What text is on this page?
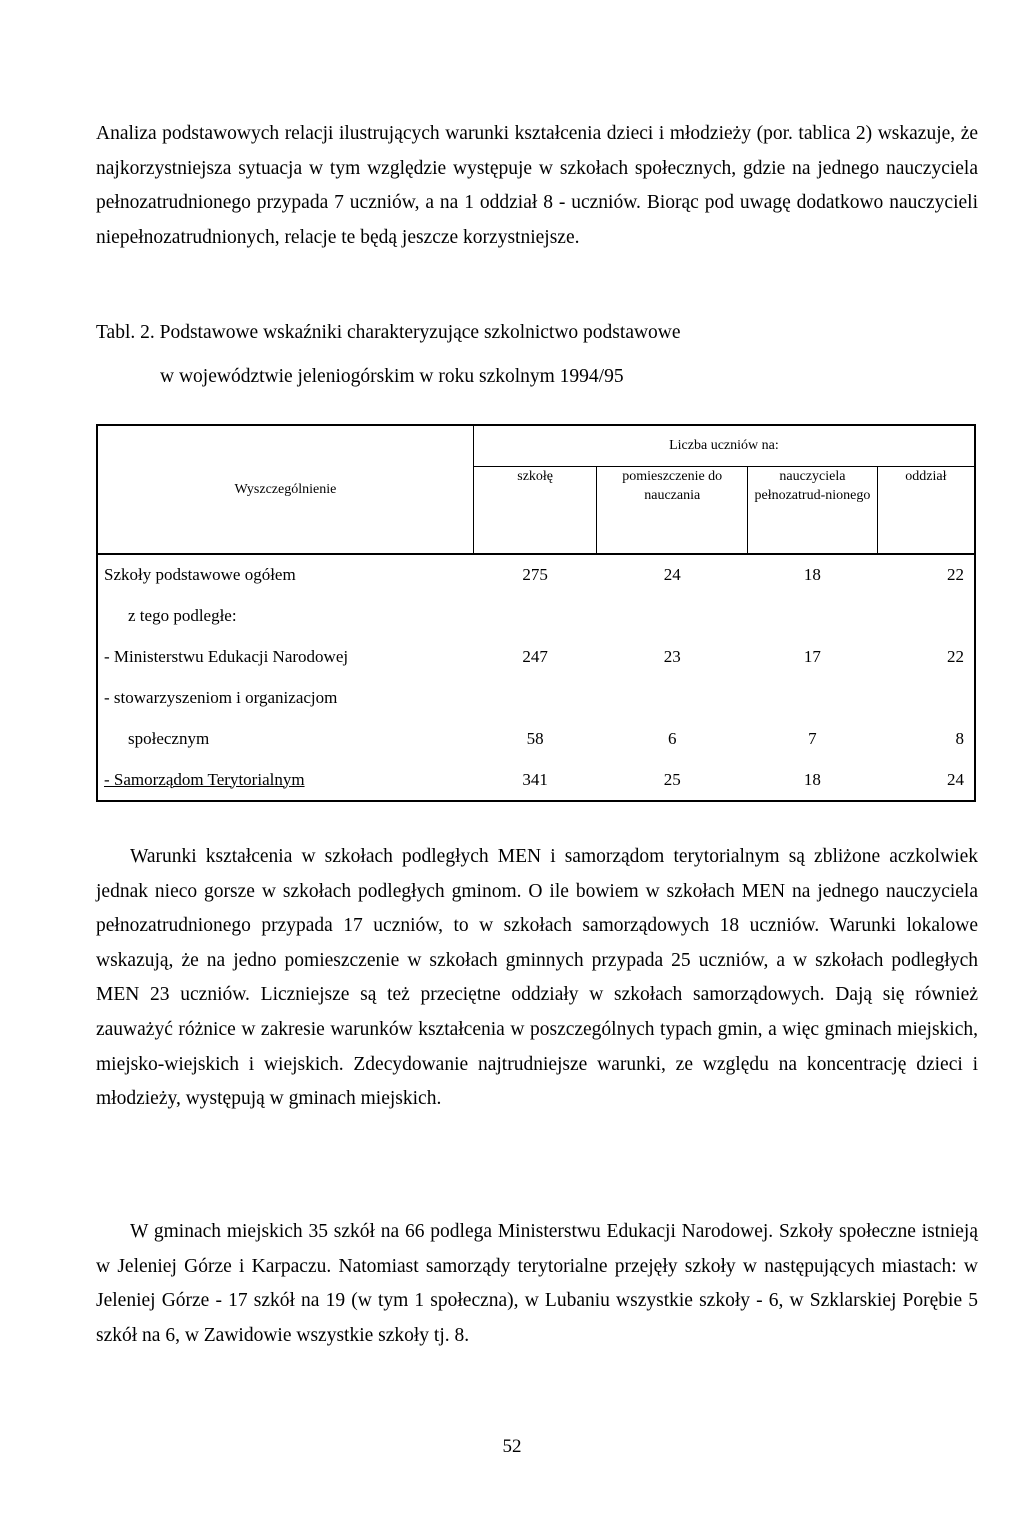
Analiza podstawowych relacji ilustrujących warunki kształcenia dzieci i młodzieży (por. tablica 2) wskazuje, że najkorzystniejsza sytuacja w tym względzie występuje w szkołach społecznych, gdzie na jednego nauczyciela pełnozatrudnionego przypada 7 uczniów, a na 1 oddział 8 - uczniów. Biorąc pod uwagę dodatkowo nauczycieli niepełnozatrudnionych, relacje te będą jeszcze korzystniejsze.

Tabl. 2. Podstawowe wskaźniki charakteryzujące szkolnictwo podstawowe

w województwie jeleniogórskim w roku szkolnym 1994/95

Wyszczególnienie	Liczba uczniów na:			
	szkołę	pomieszczenie do nauczania	nauczyciela pełnozatrud-nionego	oddział
Szkoły podstawowe ogółem	275	24	18	22
z tego podległe:				
- Ministerstwu Edukacji Narodowej	247	23	17	22
- stowarzyszeniom i organizacjom				
społecznym	58	6	7	8
- Samorządom Terytorialnym	341	25	18	24

Warunki kształcenia w szkołach podległych MEN i samorządom terytorialnym są zbliżone aczkolwiek jednak nieco gorsze w szkołach podległych gminom. O ile bowiem w szkołach MEN na jednego nauczyciela pełnozatrudnionego przypada 17 uczniów, to w szkołach samorządowych 18 uczniów. Warunki lokalowe wskazują, że na jedno pomieszczenie w szkołach gminnych przypada 25 uczniów, a w szkołach podległych MEN 23 uczniów. Liczniejsze są też przeciętne oddziały w szkołach samorządowych. Dają się również zauważyć różnice w zakresie warunków kształcenia w poszczególnych typach gmin, a więc gminach miejskich, miejsko-wiejskich i wiejskich. Zdecydowanie najtrudniejsze warunki, ze względu na koncentrację dzieci i młodzieży, występują w gminach miejskich.

W gminach miejskich 35 szkół na 66 podlega Ministerstwu Edukacji Narodowej. Szkoły społeczne istnieją w Jeleniej Górze i Karpaczu. Natomiast samorządy terytorialne przejęły szkoły w następujących miastach: w Jeleniej Górze - 17 szkół na 19 (w tym 1 społeczna), w Lubaniu wszystkie szkoły - 6, w Szklarskiej Porębie 5 szkół na 6, w Zawidowie wszystkie szkoły tj. 8.

52
